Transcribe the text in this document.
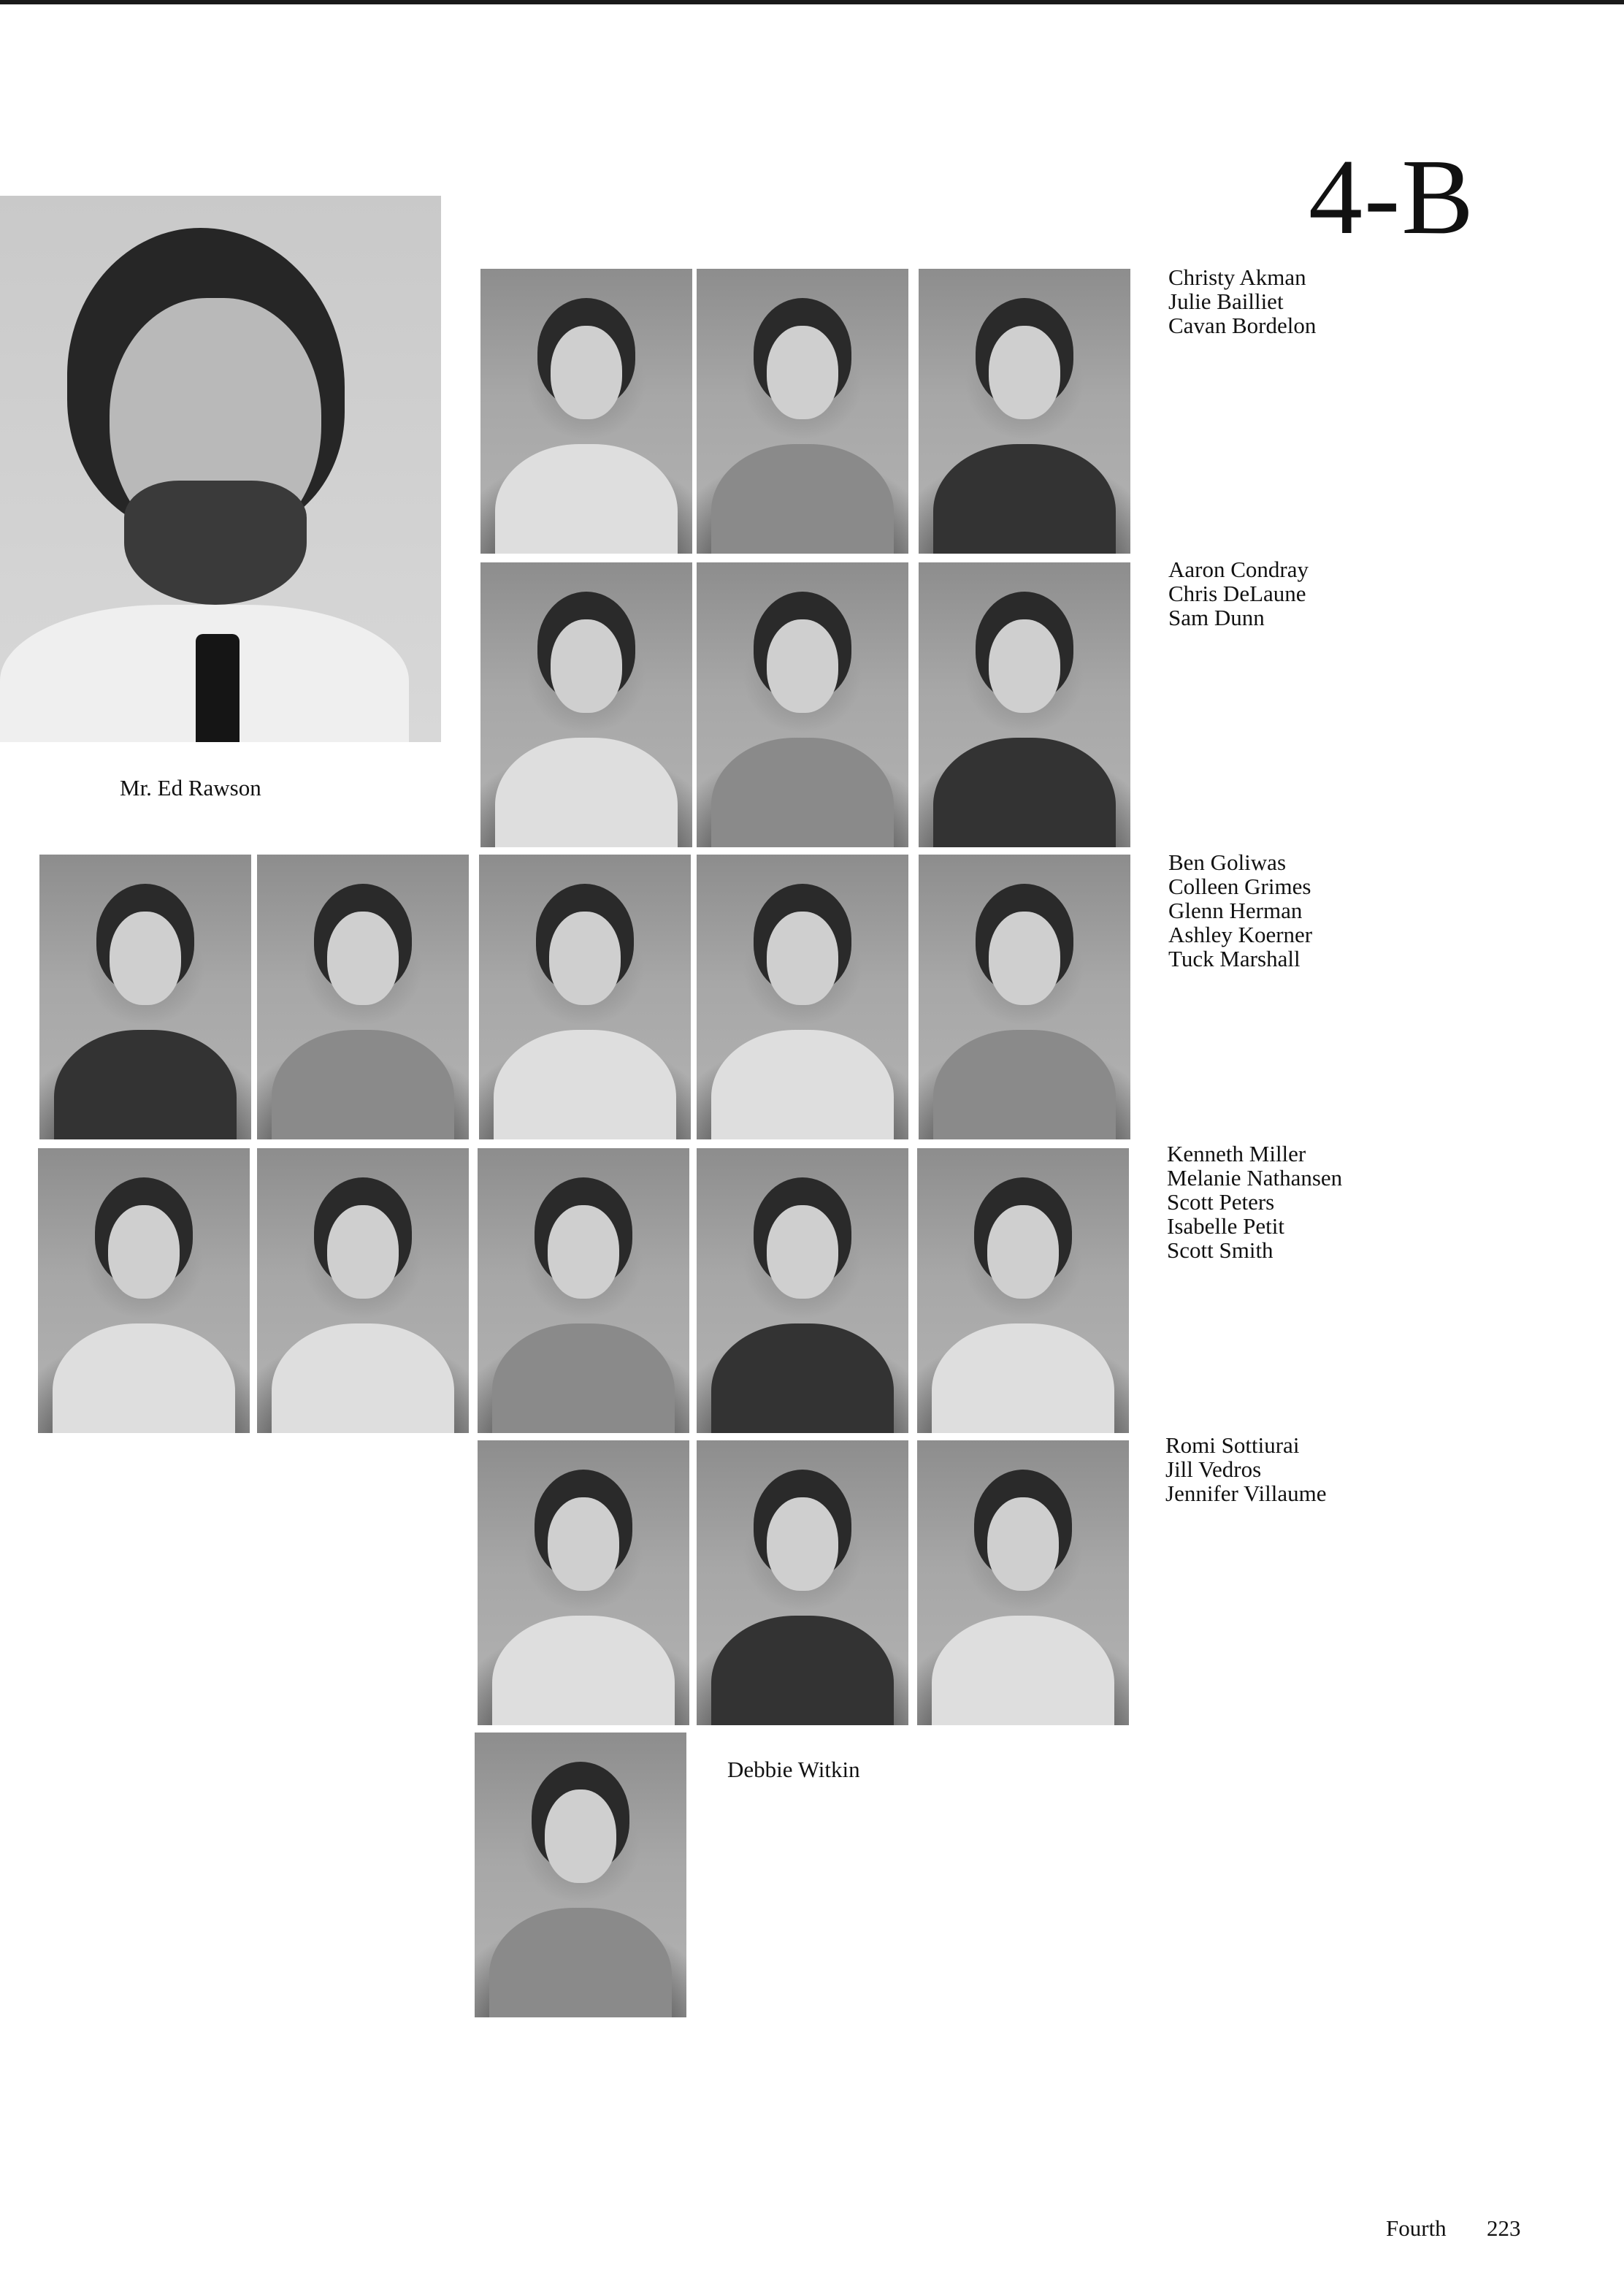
4-B
Mr. Ed Rawson
Christy Akman
Julie Bailliet
Cavan Bordelon
Aaron Condray
Chris DeLaune
Sam Dunn
Ben Goliwas
Colleen Grimes
Glenn Herman
Ashley Koerner
Tuck Marshall
Kenneth Miller
Melanie Nathansen
Scott Peters
Isabelle Petit
Scott Smith
Romi Sottiurai
Jill Vedros
Jennifer Villaume
Debbie Witkin
Fourth 223
